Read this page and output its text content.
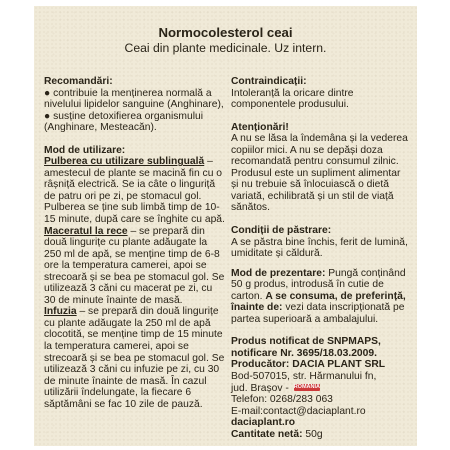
Normocolesterol ceai
Ceai din plante medicinale. Uz intern.

Recomandări:

● contribuie la menținerea normală a nivelului lipidelor sanguine (Anghinare),

● susține detoxifierea organismului (Anghinare, Mesteacăn).

Mod de utilizare:

Pulberea cu utilizare sublinguală – amestecul de plante se macină fin cu o râșniță electrică. Se ia câte o linguriță de patru ori pe zi, pe stomacul gol. Pulberea se ține sub limbă timp de 10-15 minute, după care se înghite cu apă.

Maceratul la rece – se prepară din două lingurițe cu plante adăugate la 250 ml de apă, se menține timp de 6-8 ore la temperatura camerei, apoi se strecoară și se bea pe stomacul gol. Se utilizează 3 căni cu macerat pe zi, cu 30 de minute înainte de masă.

Infuzia – se prepară din două lingurițe cu plante adăugate la 250 ml de apă clocotită, se menține timp de 15 minute la temperatura camerei, apoi se strecoară și se bea pe stomacul gol. Se utilizează 3 căni cu infuzie pe zi, cu 30 de minute înainte de masă. În cazul utilizării îndelungate, la fiecare 6 săptămâni se fac 10 zile de pauză.

Contraindicații:

Intoleranță la oricare dintre componentele produsului.

Atenționări!

A nu se lăsa la îndemâna și la vederea copiilor mici. A nu se depăși doza recomandată pentru consumul zilnic. Produsul este un supliment alimentar și nu trebuie să înlocuiască o dietă variată, echilibrată și un stil de viață sănătos.

Condiții de păstrare:

A se păstra bine închis, ferit de lumină, umiditate și căldură.

Mod de prezentare: Pungă conținând 50 g produs, introdusă în cutie de carton. A se consuma, de preferință, înainte de: vezi data inscripționată pe partea superioară a ambalajului.

Produs notificat de SNPMAPS, notificare Nr. 3695/18.03.2009.

Producător: DACIA PLANT SRL

Bod-507015, str. Hărmanului fn,

jud. Brașov - ROMÂNIA

Telefon: 0268/283 063

E-mail:contact@daciaplant.ro

daciaplant.ro

Cantitate netă: 50g
